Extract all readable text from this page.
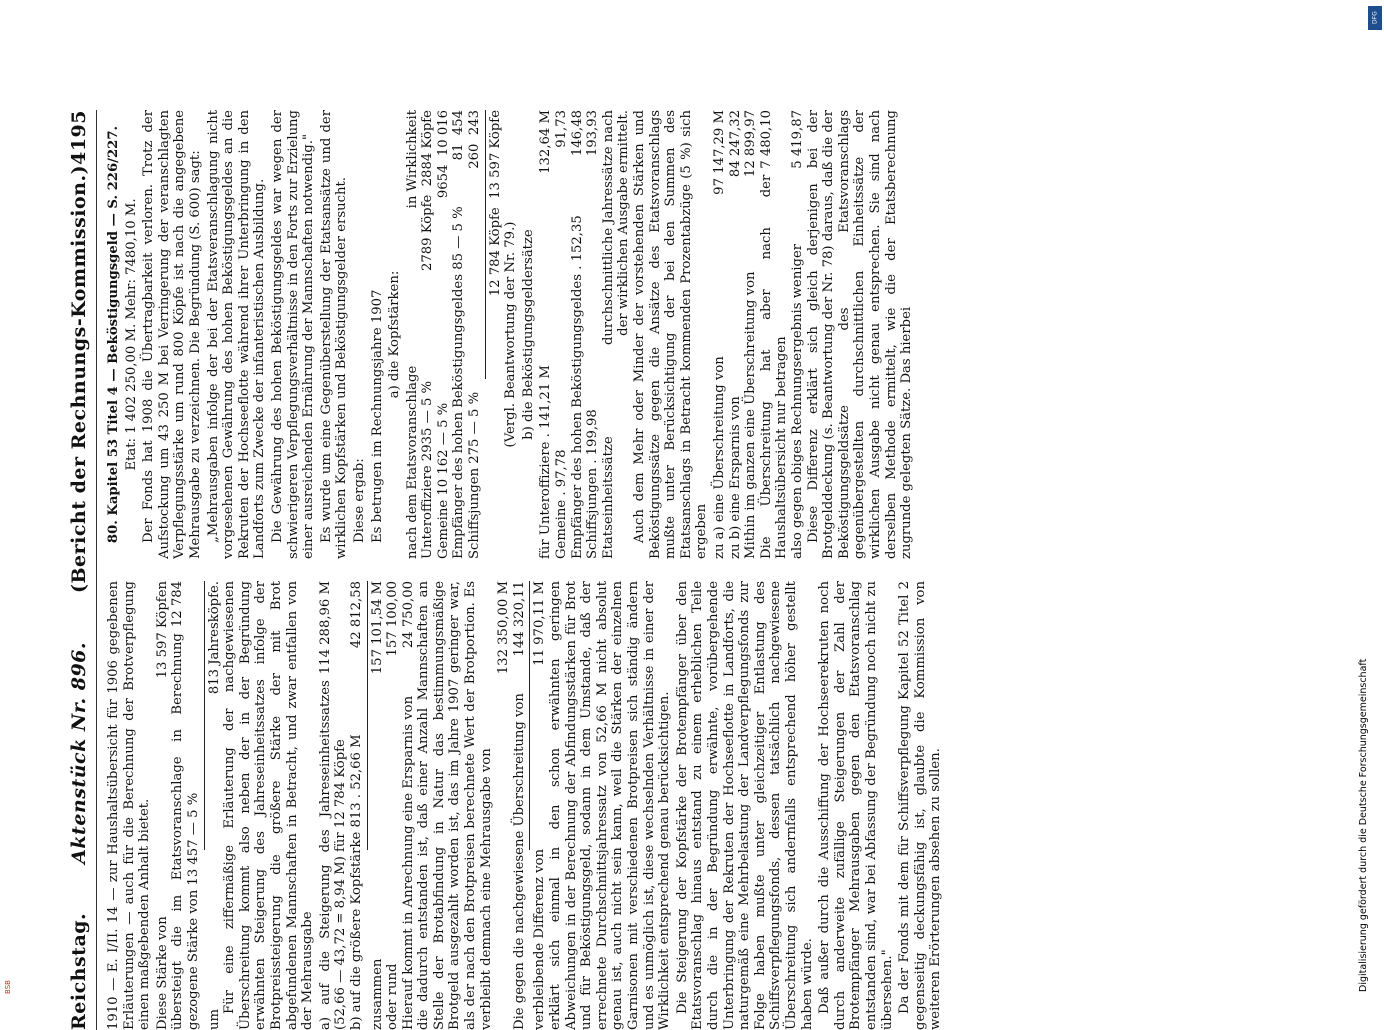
Reichstag.
Aktenstück Nr. 896.
(Bericht der Rechnungs-Kommission.)
4195

1910 — E. I/II. 14 — zur Haushaltsübersicht für 1906 gegebenen Erläuterungen — auch für die Berechnung der Brotverpflegung einen maßgebenden Anhalt bietet. Diese Stärke von
13 597 Köpfen
übersteigt die im Etatsvoranschlage in Berechnung gezogene Stärke von 13 457 — 5 %
12 784
um
813 Jahresköpfe. Für eine ziffermäßige Erläuterung der nachgewiesenen Überschreitung kommt also neben der in der Begründung erwähnten Steigerung des Jahreseinheitssatzes infolge der Brotpreissteigerung die größere Stärke der mit Brot abgefundenen Mannschaften in Betracht, und zwar entfallen von der Mehrausgabe a) auf die Steigerung des Jahreseinheitssatzes (52,66 — 43,72 = 8,94 M) für 12 784 Köpfe
114 288,96 M
b) auf die größere Kopfstärke 813 . 52,66 M
42 812,58
zusammen
157 101,54 M
oder rund
157 100,00
Hierauf kommt in Anrechnung eine Ersparnis von
24 750,00 die dadurch entstanden ist, daß einer Anzahl Mannschaften an Stelle der Brotabfindung in Natur das bestimmungsmäßige Brotgeld ausgezahlt worden ist, das im Jahre 1907 geringer war, als der nach den Brotpreisen berechnete Wert der Brotportion. Es verbleibt demnach eine Mehrausgabe von

132 350,00 M
Die gegen die nachgewiesene Überschreitung von
144 320,11
verbleibende Differenz von
11 970,11 M erklärt sich einmal in den schon erwähnten geringen Abweichungen in der Berechnung der Abfindungsstärken für Brot und für Beköstigungsgeld, sodann in dem Umstande, daß der errechnete Durchschnittsjahressatz von 52,66 M nicht absolut genau ist, auch nicht sein kann, weil die Stärken der einzelnen Garnisonen mit verschiedenen Brotpreisen sich ständig ändern und es unmöglich ist, diese wechselnden Verhältnisse in einer der Wirklichkeit entsprechend genau berücksichtigen. Die Steigerung der Kopfstärke der Brotempfänger über den Etatsvoranschlag hinaus entstand zu einem erheblichen Teile durch die in der Begründung erwähnte, vorübergehende Unterbringung der Rekruten der Hochseeflotte in Landforts, die naturgemäß eine Mehrbelastung der Landverpflegungsfonds zur Folge haben mußte unter gleichzeitiger Entlastung des Schiffsverpflegungsfonds, dessen tatsächlich nachgewiesene Überschreitung sich andernfalls entsprechend höher gestellt haben würde. Daß außer durch die Ausschiffung der Hochseerekruten noch durch anderweite zufällige Steigerungen der Zahl der Brotempfänger Mehrausgaben gegen den Etatsvoranschlag entstanden sind, war bei Abfassung der Begründung noch nicht zu übersehen." Da der Fonds mit dem für Schiffsverpflegung Kapitel 52 Titel 2 gegenseitig deckungsfähig ist, glaubte die Kommission von weiteren Erörterungen absehen zu sollen.

80. Kapitel 53 Titel 4 — Beköstigungsgeld — S. 226/227. Etat: 1 402 250,00 M. Mehr: 7480,10 M. Der Fonds hat 1908 die Übertragbarkeit verloren. Trotz der Aufstockung um 43 250 M bei Verringerung der veranschlagten Verpflegungsstärke um rund 800 Köpfe ist nach die angegebene Mehrausgabe zu verzeichnen. Die Begründung (S. 600) sagt: „Mehrausgaben infolge der bei der Etatsveranschlagung nicht vorgesehenen Gewährung des hohen Beköstigungsgeldes an die Rekruten der Hochseeflotte während ihrer Unterbringung in den Landforts zum Zwecke der infanteristischen Ausbildung. Die Gewährung des hohen Beköstigungsgeldes war wegen der schwierigeren Verpflegungsverhältnisse in den Forts zur Erzielung einer ausreichenden Ernährung der Mannschaften notwendig." Es wurde um eine Gegenüberstellung der Etatsansätze und der wirklichen Kopfstärken und Beköstigungsgelder ersucht. Diese ergab: Es betrugen im Rechnungsjahre 1907 a) die Kopfstärken:

nach dem Etatsvoranschlage
in Wirklichkeit
Unteroffiziere 2935 — 5 %
2789 Köpfe  2884 Köpfe
Gemeine 10 162 — 5 %
9654  10 016
Empfänger des hohen Beköstigungsgeldes 85 — 5 %
81  454
Schiffsjungen 275 — 5 %
260  243
12 784 Köpfe  13 597 Köpfe

(Vergl. Beantwortung der Nr. 79.) b) die Beköstigungsgeldersätze

für Unteroffiziere . 141,21 M
132,64 M
Gemeine . 97,78
91,73
Empfänger des hohen Beköstigungsgeldes . 152,35
146,48
Schiffsjungen . 199,98
193,93
Etatseinheitssätze
durchschnittliche Jahressätze nach der wirklichen Ausgabe ermittelt. Auch dem Mehr oder Minder der vorstehenden Stärken und Beköstigungssätze gegen die Ansätze des Etatsvoranschlags mußte unter Berücksichtigung der bei den Summen des Etatsanschlags in Betracht kommenden Prozentabzüge (5 %) sich ergeben zu a) eine Überschreitung von
97 147,29 M
zu b) eine Ersparnis von
84 247,32
Mithin im ganzen eine Überschreitung von
12 899,97
Die Überschreitung hat aber nach der Haushaltsübersicht nur betragen
7 480,10
also gegen obiges Rechnungsergebnis weniger
5 419,87 Diese Differenz erklärt sich gleich derjenigen bei der Brotgelddeckung (s. Beantwortung der Nr. 78) daraus, daß die der Beköstigungsgeldsätze des Etatsvoranschlags gegenübergestellten durchschnittlichen Einheitssätze der wirklichen Ausgabe nicht genau entsprechen. Sie sind nach derselben Methode ermittelt, wie die der Etatsberechnung zugrunde gelegten Sätze. Das hierbei

Digitalisierung gefördert durch die Deutsche Forschungsgemeinschaft
DFG
BSB
